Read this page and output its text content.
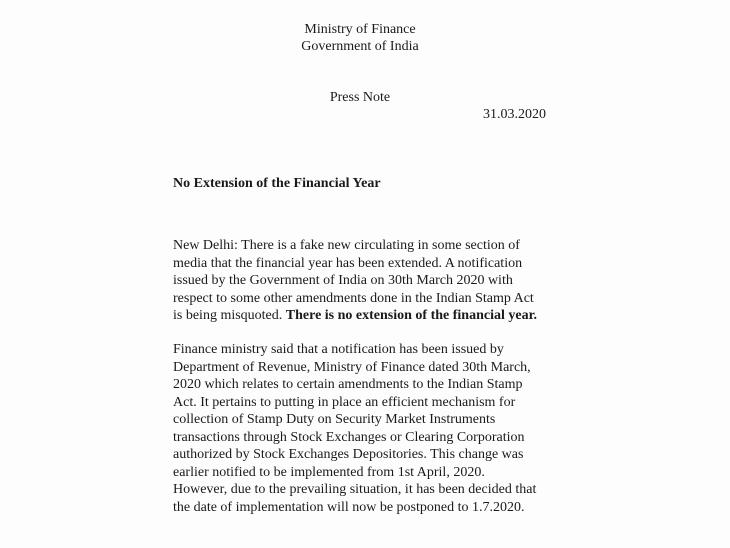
Ministry of Finance
Government of India
Press Note
31.03.2020
No Extension of the Financial Year

New Delhi: There is a fake new circulating in some section of
media that the financial year has been extended. A notification
issued by the Government of India on 30th March 2020 with
respect to some other amendments done in the Indian Stamp Act
is being misquoted. There is no extension of the financial year.

Finance ministry said that a notification has been issued by
Department of Revenue, Ministry of Finance dated 30th March,
2020 which relates to certain amendments to the Indian Stamp
Act. It pertains to putting in place an efficient mechanism for
collection of Stamp Duty on Security Market Instruments
transactions through Stock Exchanges or Clearing Corporation
authorized by Stock Exchanges Depositories. This change was
earlier notified to be implemented from 1st April, 2020.
However, due to the prevailing situation, it has been decided that
the date of implementation will now be postponed to 1.7.2020.
